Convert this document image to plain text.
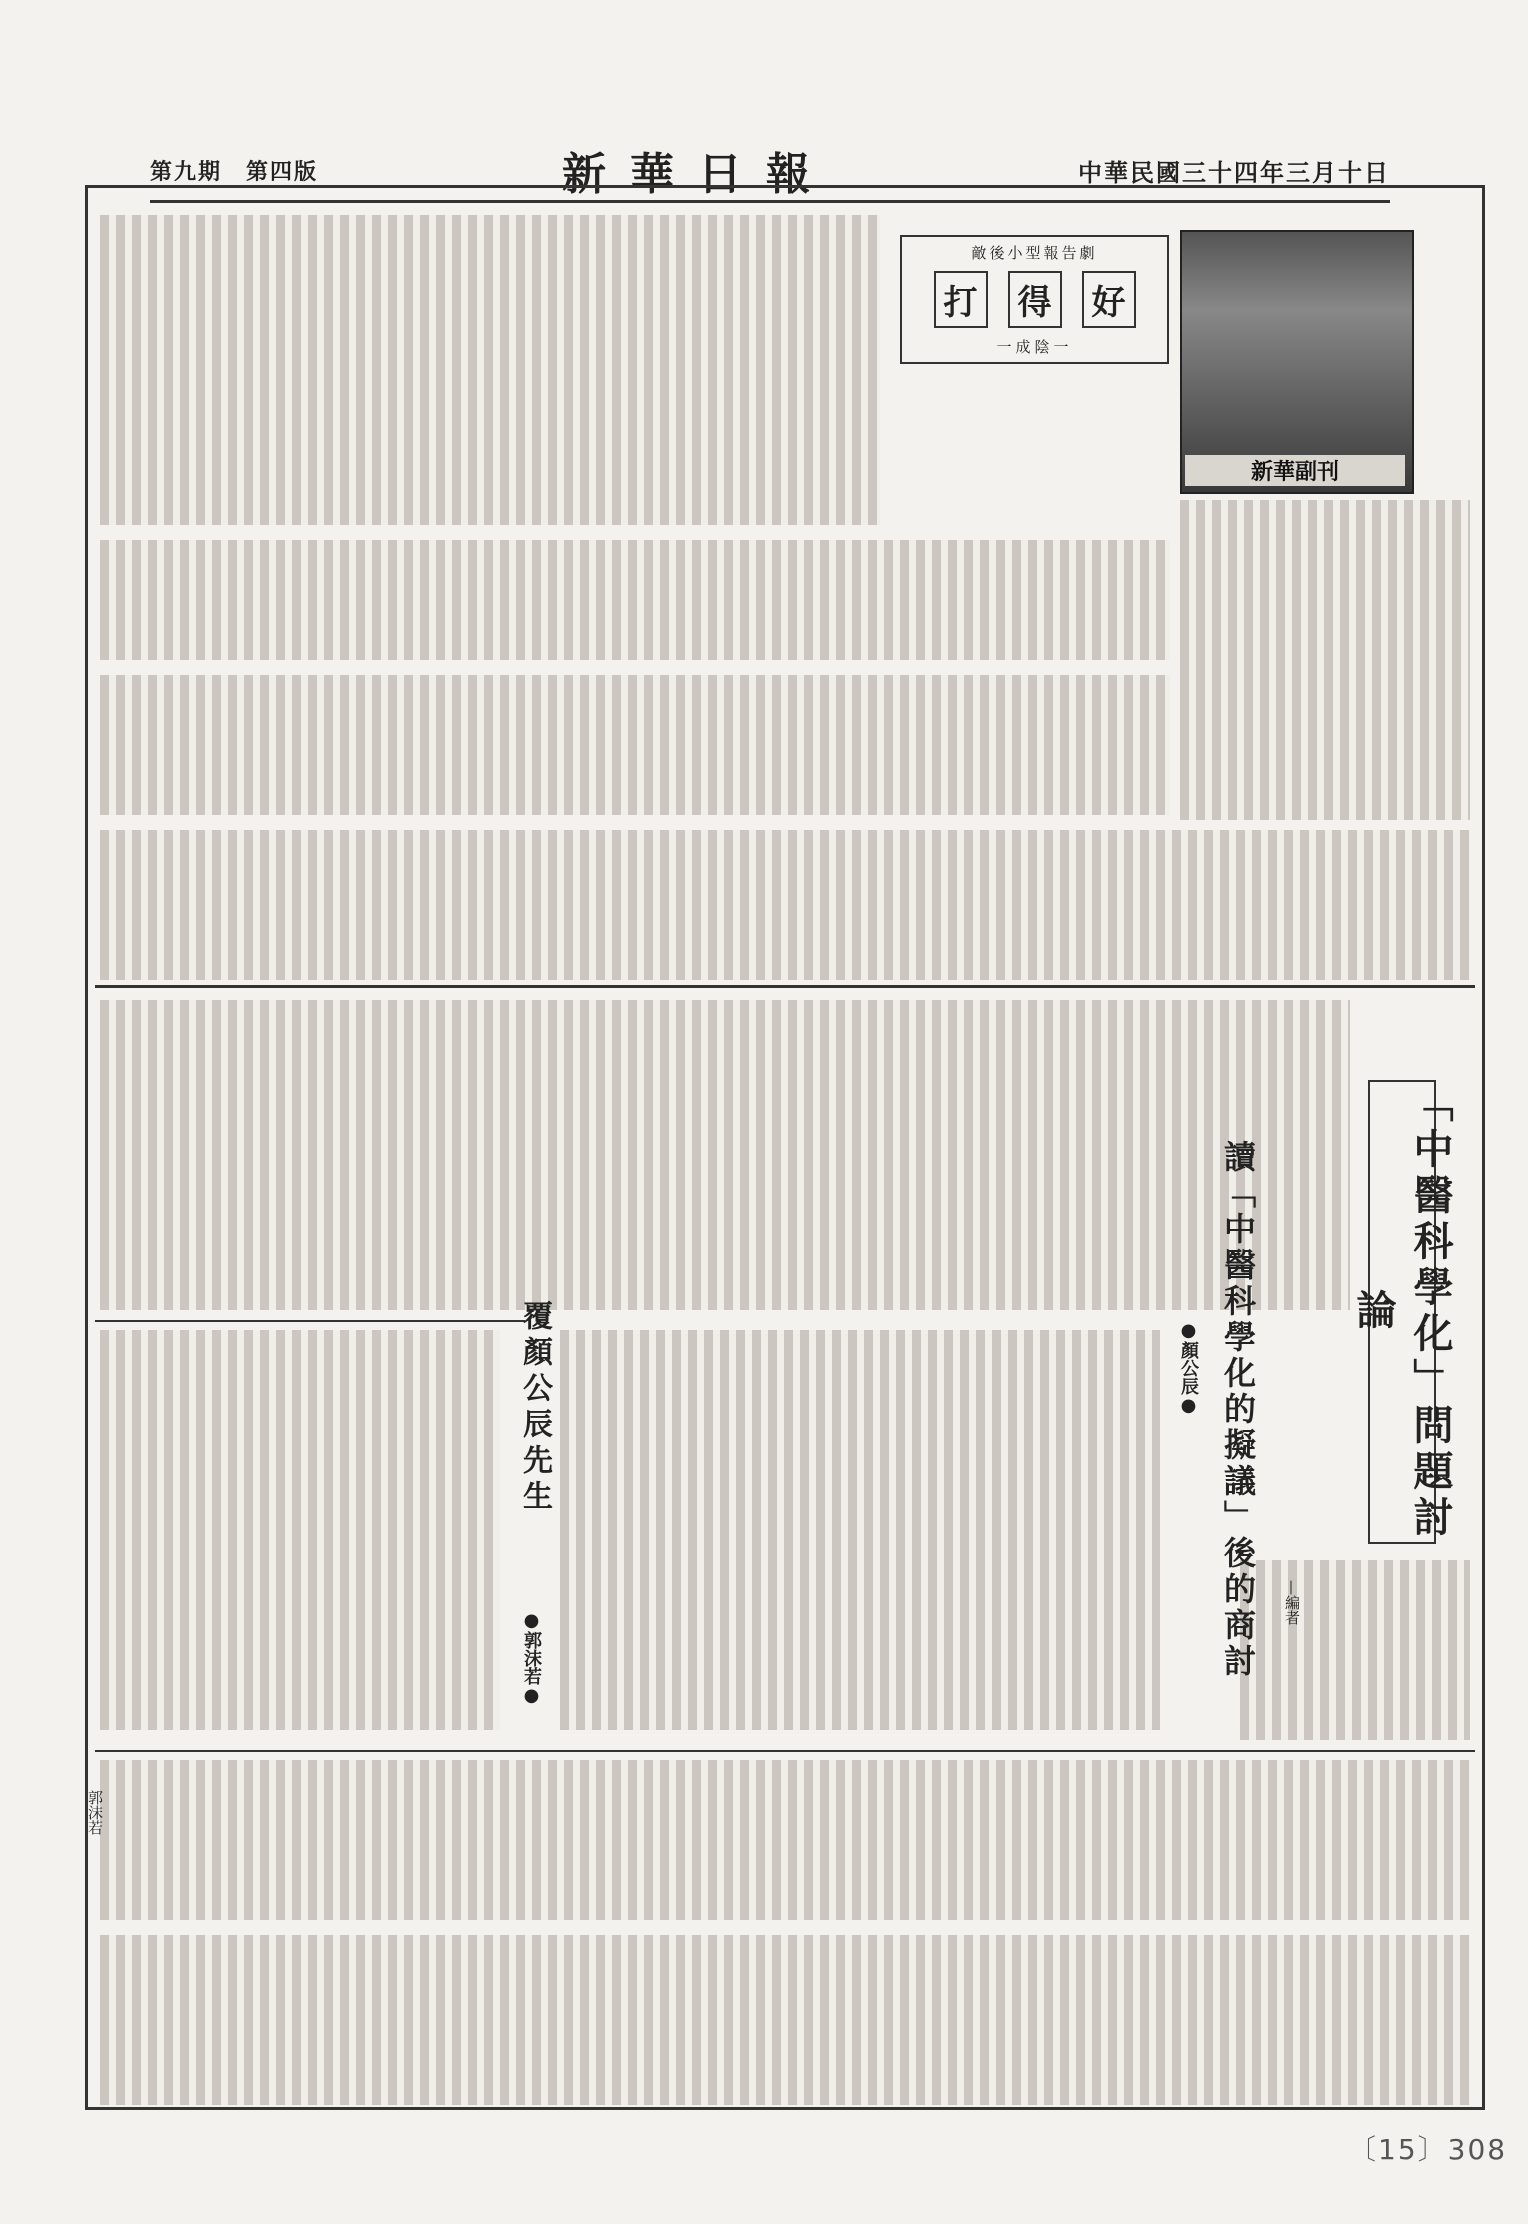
第九期　第四版	新華日報	中華民國三十四年三月十日
敵後小型報告劇
打 得 好
一成陰一
新華副刊
「中醫科學化」問題討論
—編者
讀「中醫科學化的擬議」後的商討
●顏公辰●
覆顏公辰先生
●郭沫若●
郭沫若
〔15〕308
